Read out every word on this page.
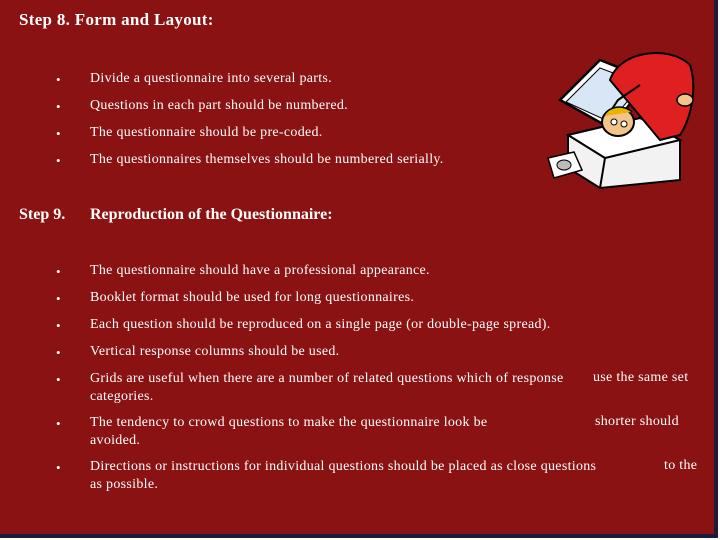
Step 8. Form and Layout:
• Divide a questionnaire into several parts.
• Questions in each part should be numbered.
• The questionnaire should be pre-coded.
• The questionnaires themselves should be numbered serially.
Step 9. Reproduction of the Questionnaire:
• The questionnaire should have a professional appearance.
• Booklet format should be used for long questionnaires.
• Each question should be reproduced on a single page (or double-page spread).
• Vertical response columns should be used.
• Grids are useful when there are a number of related questions which of response categories.
use the same set
• The tendency to crowd questions to make the questionnaire look be avoided.
shorter should
• Directions or instructions for individual questions should be placed as close questions as possible.
to the
